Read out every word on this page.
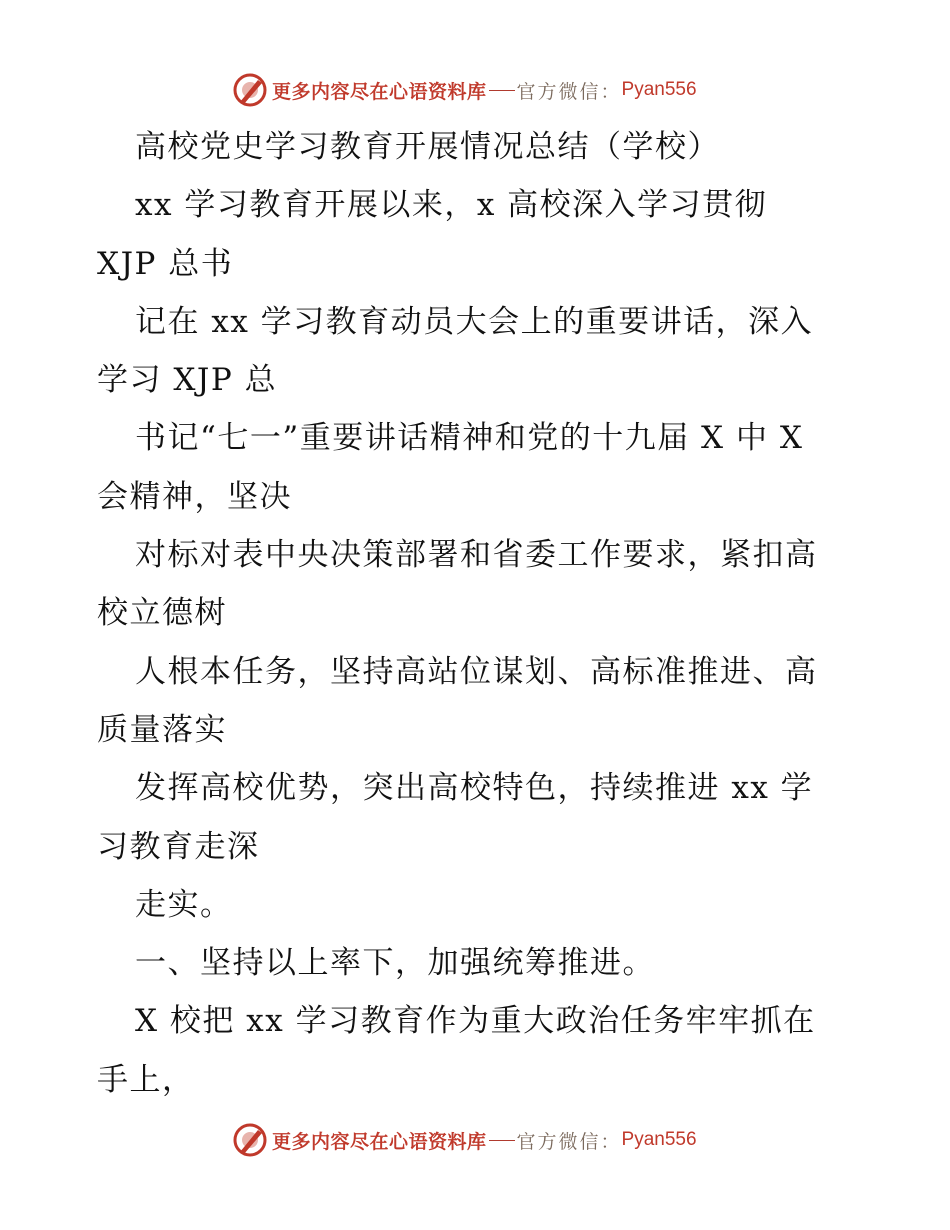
更多内容尽在心语资料库 官方微信： Pyan556
高校党史学习教育开展情况总结（学校）
xx 学习教育开展以来，x 高校深入学习贯彻
XJP 总书
记在 xx 学习教育动员大会上的重要讲话，深入
学习 XJP 总
书记“七一”重要讲话精神和党的十九届 X 中 X
会精神，坚决
对标对表中央决策部署和省委工作要求，紧扣高
校立德树
人根本任务，坚持高站位谋划、高标准推进、高
质量落实
发挥高校优势，突出高校特色，持续推进 xx 学
习教育走深
走实。
一、坚持以上率下，加强统筹推进。
X 校把 xx 学习教育作为重大政治任务牢牢抓在
手上，
更多内容尽在心语资料库 官方微信： Pyan556
